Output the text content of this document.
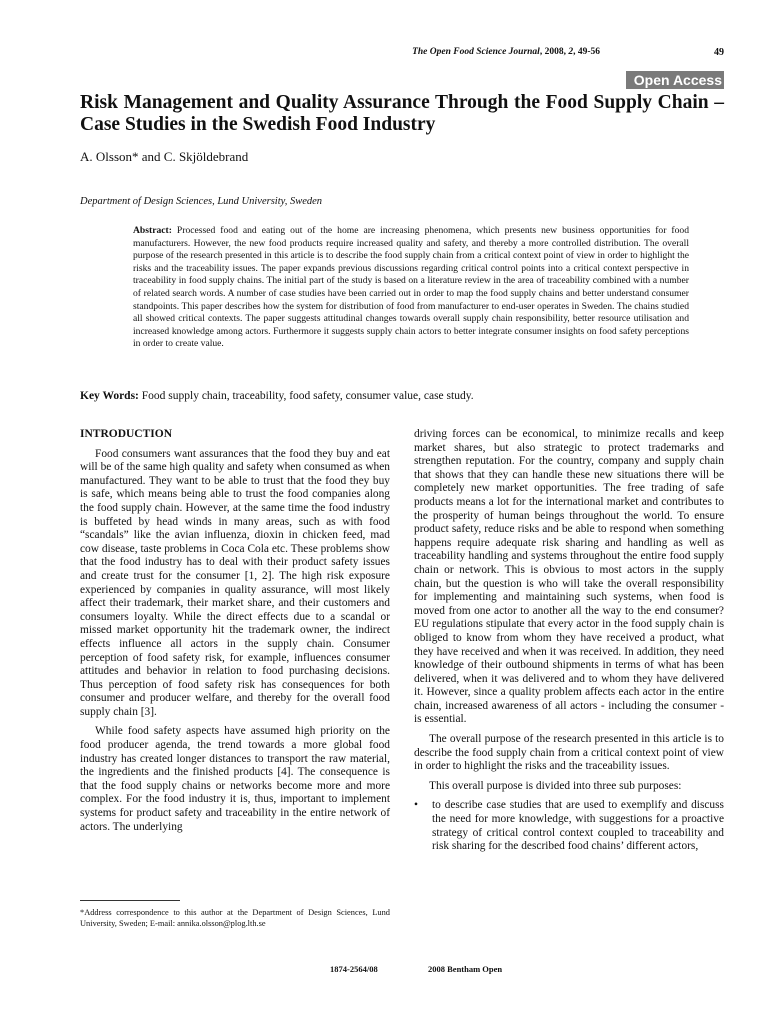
The Open Food Science Journal, 2008, 2, 49-56	49
Open Access
Risk Management and Quality Assurance Through the Food Supply Chain – Case Studies in the Swedish Food Industry
A. Olsson* and C. Skjöldebrand
Department of Design Sciences, Lund University, Sweden

Abstract: Processed food and eating out of the home are increasing phenomena, which presents new business opportunities for food manufacturers. However, the new food products require increased quality and safety, and thereby a more controlled distribution. The overall purpose of the research presented in this article is to describe the food supply chain from a critical context point of view in order to highlight the risks and the traceability issues. The paper expands previous discussions regarding critical control points into a critical context perspective in traceability in food supply chains. The initial part of the study is based on a literature review in the area of traceability combined with a number of related search words. A number of case studies have been carried out in order to map the food supply chains and better understand consumer standpoints. This paper describes how the system for distribution of food from manufacturer to end-user operates in Sweden. The chains studied all showed critical contexts. The paper suggests attitudinal changes towards overall supply chain responsibility, better resource utilisation and increased knowledge among actors. Furthermore it suggests supply chain actors to better integrate consumer insights on food safety perceptions in order to create value.

Key Words: Food supply chain, traceability, food safety, consumer value, case study.
INTRODUCTION

Food consumers want assurances that the food they buy and eat will be of the same high quality and safety when consumed as when manufactured. They want to be able to trust that the food they buy is safe, which means being able to trust the food companies along the food supply chain. However, at the same time the food industry is buffeted by head winds in many areas, such as with food “scandals” like the avian influenza, dioxin in chicken feed, mad cow disease, taste problems in Coca Cola etc. These problems show that the food industry has to deal with their product safety issues and create trust for the consumer [1, 2]. The high risk exposure experienced by companies in quality assurance, will most likely affect their trademark, their market share, and their customers and consumers loyalty. While the direct effects due to a scandal or missed market opportunity hit the trademark owner, the indirect effects influence all actors in the supply chain. Consumer perception of food safety risk, for example, influences consumer attitudes and behavior in relation to food purchasing decisions. Thus perception of food safety risk has consequences for both consumer and producer welfare, and thereby for the overall food supply chain [3].

While food safety aspects have assumed high priority on the food producer agenda, the trend towards a more global food industry has created longer distances to transport the raw material, the ingredients and the finished products [4]. The consequence is that the food supply chains or networks become more and more complex. For the food industry it is, thus, important to implement systems for product safety and traceability in the entire network of actors. The underlying

driving forces can be economical, to minimize recalls and keep market shares, but also strategic to protect trademarks and strengthen reputation. For the country, company and supply chain that shows that they can handle these new situations there will be completely new market opportunities. The free trading of safe products means a lot for the international market and contributes to the prosperity of human beings throughout the world. To ensure product safety, reduce risks and be able to respond when something happens require adequate risk sharing and handling as well as traceability handling and systems throughout the entire food supply chain or network. This is obvious to most actors in the supply chain, but the question is who will take the overall responsibility for implementing and maintaining such systems, when food is moved from one actor to another all the way to the end consumer? EU regulations stipulate that every actor in the food supply chain is obliged to know from whom they have received a product, what they have received and when it was received. In addition, they need knowledge of their outbound shipments in terms of what has been delivered, when it was delivered and to whom they have delivered it. However, since a quality problem affects each actor in the entire chain, increased awareness of all actors - including the consumer - is essential.

The overall purpose of the research presented in this article is to describe the food supply chain from a critical context point of view in order to highlight the risks and the traceability issues.

This overall purpose is divided into three sub purposes:

•	to describe case studies that are used to exemplify and discuss the need for more knowledge, with suggestions for a proactive strategy of critical control context coupled to traceability and risk sharing for the described food chains’ different actors,
*Address correspondence to this author at the Department of Design Sciences, Lund University, Sweden; E-mail: annika.olsson@plog.lth.se
1874-2564/08	2008 Bentham Open
